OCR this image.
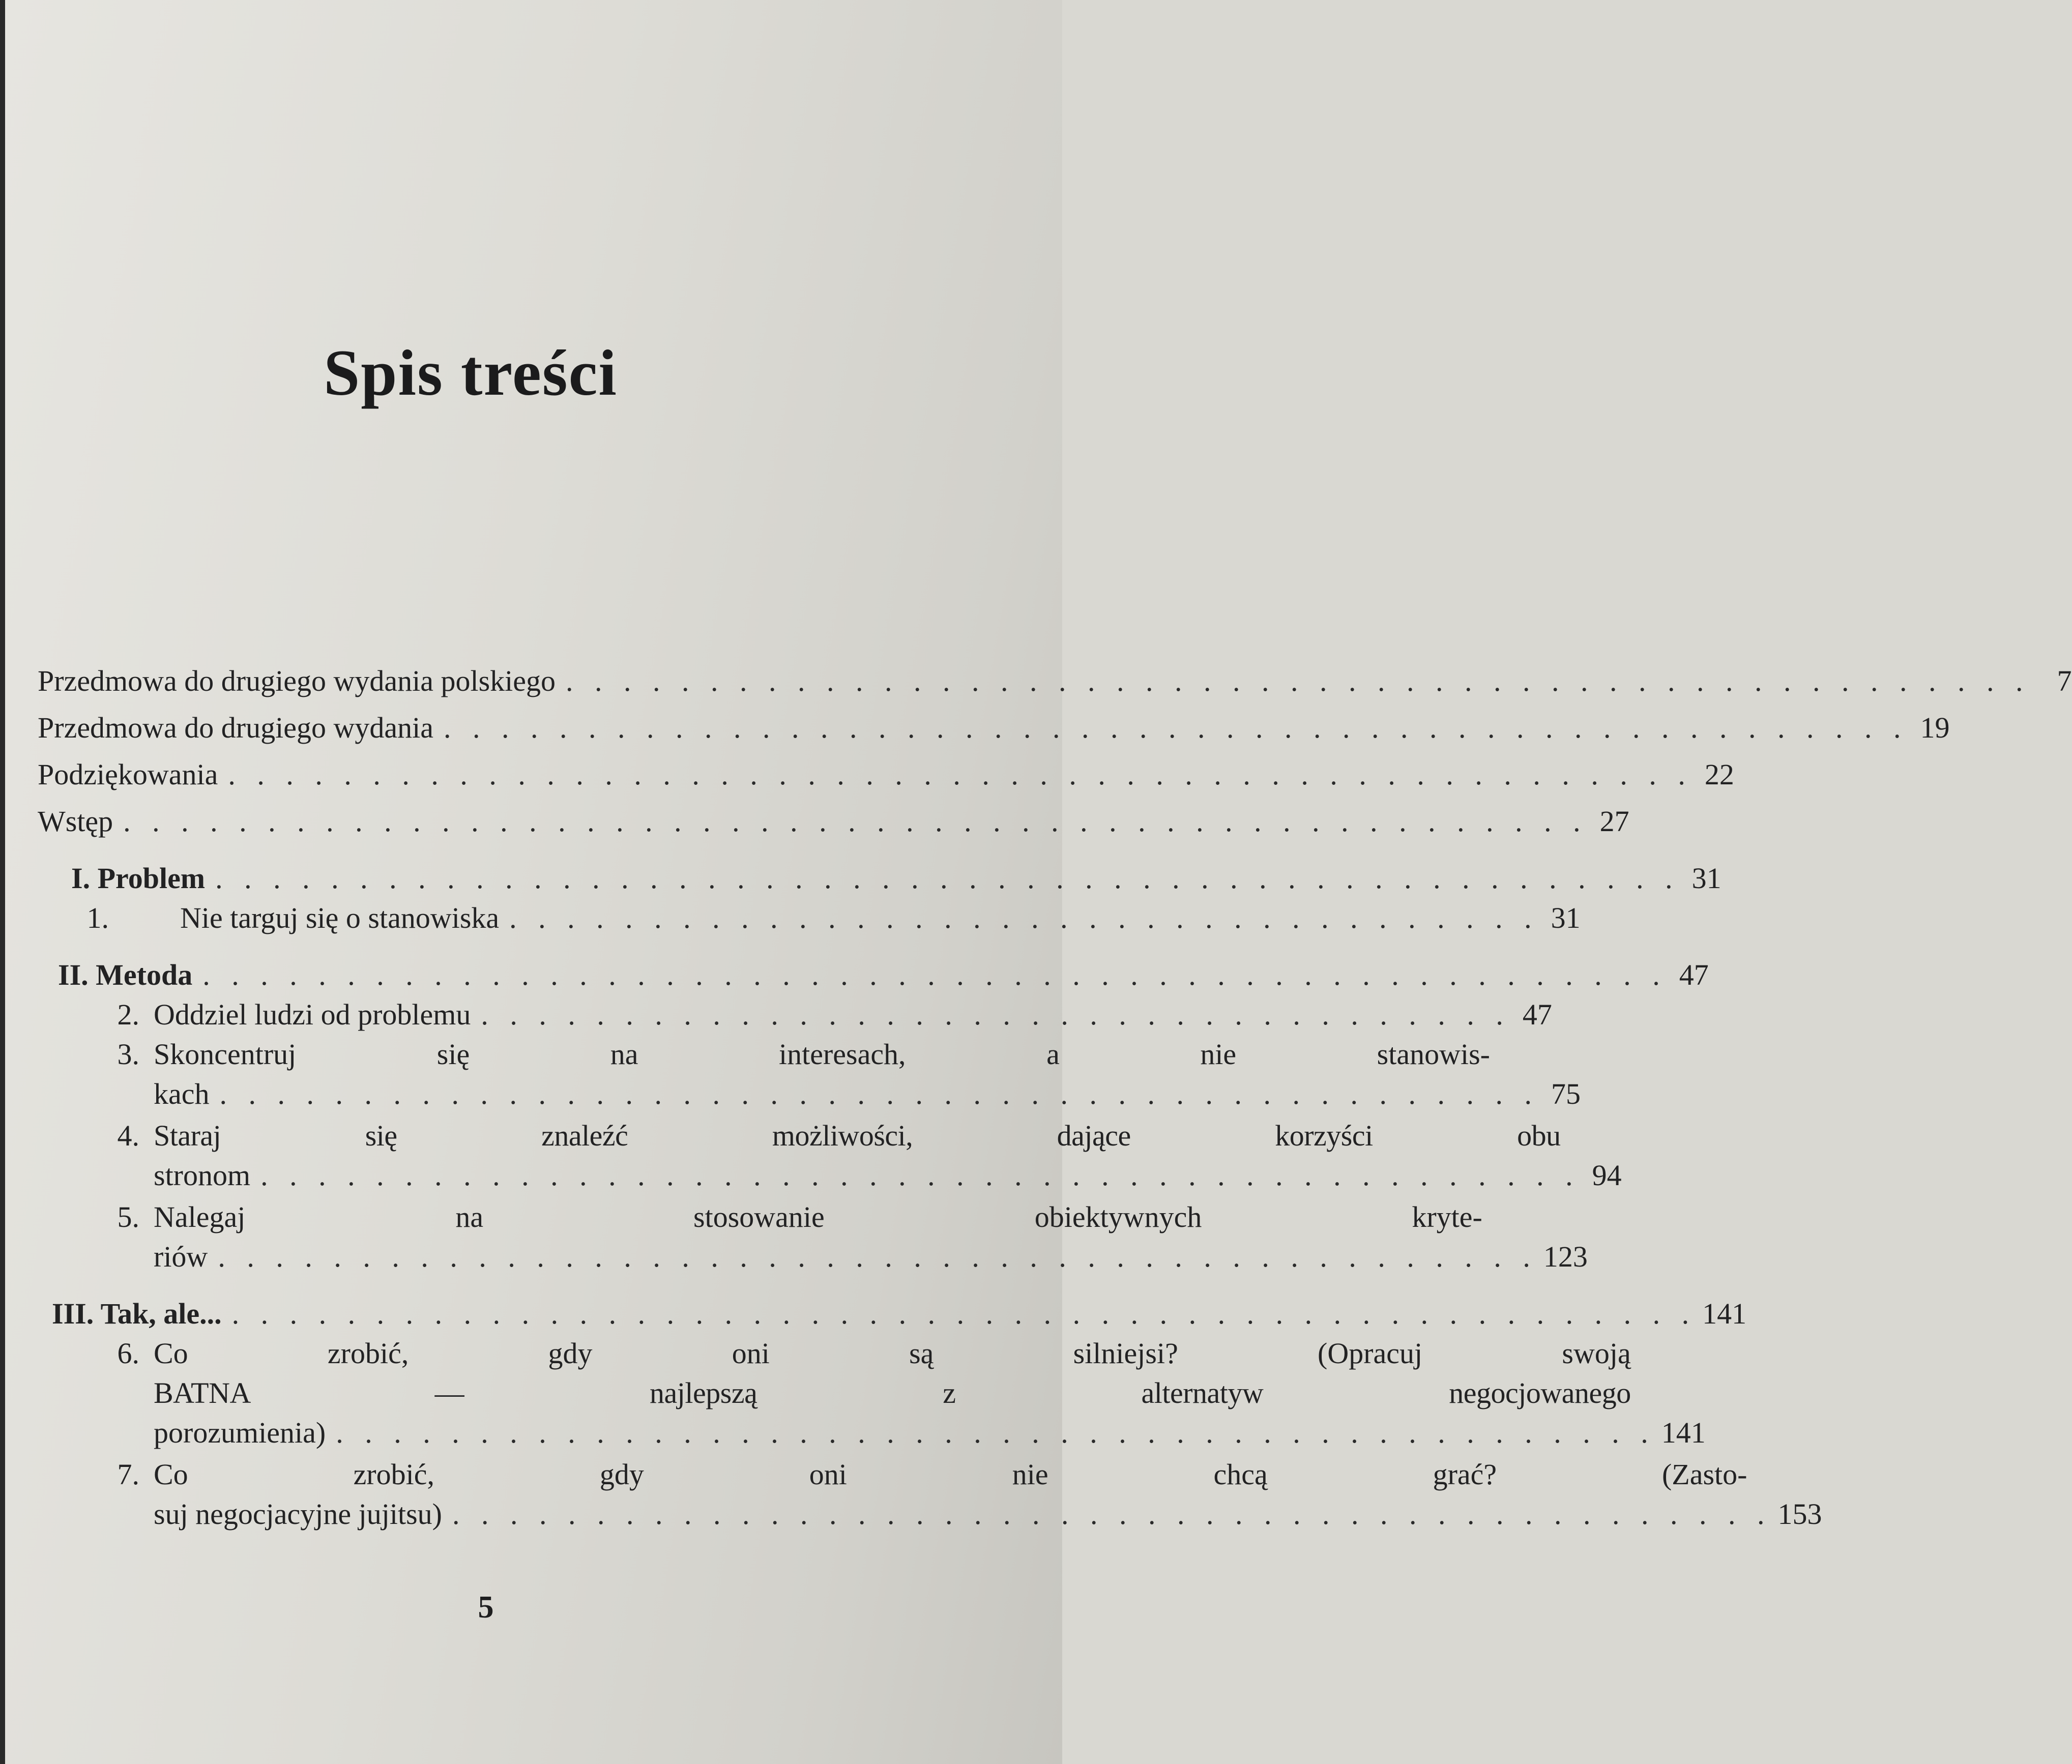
Spis treści
Przedmowa do drugiego wydania polskiego . . . . . . . . . . . . . . . . . . . . . . . . . . . . . . . . . . . . . . . . . . . . . . . . . . . 7
Przedmowa do drugiego wydania . . . . . . . . . . . . . . . . . . . . . . . . . . . . . . . . . . . . . . . . . . . . . . . . . . . 19
Podziękowania . . . . . . . . . . . . . . . . . . . . . . . . . . . . . . . . . . . . . . . . . . . . . . . . . . . 22
Wstęp . . . . . . . . . . . . . . . . . . . . . . . . . . . . . . . . . . . . . . . . . . . . . . . . . . . 27
I. Problem . . . . . . . . . . . . . . . . . . . . . . . . . . . . . . . . . . . . . . . . . . . . . . . . . . . 31
1. Nie targuj się o stanowiska . . . . . . . . . . . . . . . . . . . . . . . . . . . . . . . . . . . . 31
II. Metoda . . . . . . . . . . . . . . . . . . . . . . . . . . . . . . . . . . . . . . . . . . . . . . . . . . . 47
2. Oddziel ludzi od problemu . . . . . . . . . . . . . . . . . . . . . . . . . . . . . . . . . . . . 47
3. Skoncentruj się na interesach, a nie stanowis-
kach . . . . . . . . . . . . . . . . . . . . . . . . . . . . . . . . . . . . . . . . . . . . . . 75
4. Staraj się znaleźć możliwości, dające korzyści obu
stronom . . . . . . . . . . . . . . . . . . . . . . . . . . . . . . . . . . . . . . . . . . . . . . 94
5. Nalegaj na stosowanie obiektywnych kryte-
riów . . . . . . . . . . . . . . . . . . . . . . . . . . . . . . . . . . . . . . . . . . . . . . 123
III. Tak, ale... . . . . . . . . . . . . . . . . . . . . . . . . . . . . . . . . . . . . . . . . . . . . . . . . . . . 141
6. Co zrobić, gdy oni są silniejsi? (Opracuj swoją
BATNA — najlepszą z alternatyw negocjowanego
porozumienia) . . . . . . . . . . . . . . . . . . . . . . . . . . . . . . . . . . . . . . . . . . . . . . 141
7. Co zrobić, gdy oni nie chcą grać? (Zasto-
suj negocjacyjne jujitsu) . . . . . . . . . . . . . . . . . . . . . . . . . . . . . . . . . . . . . . . . . . . . . . 153
5
